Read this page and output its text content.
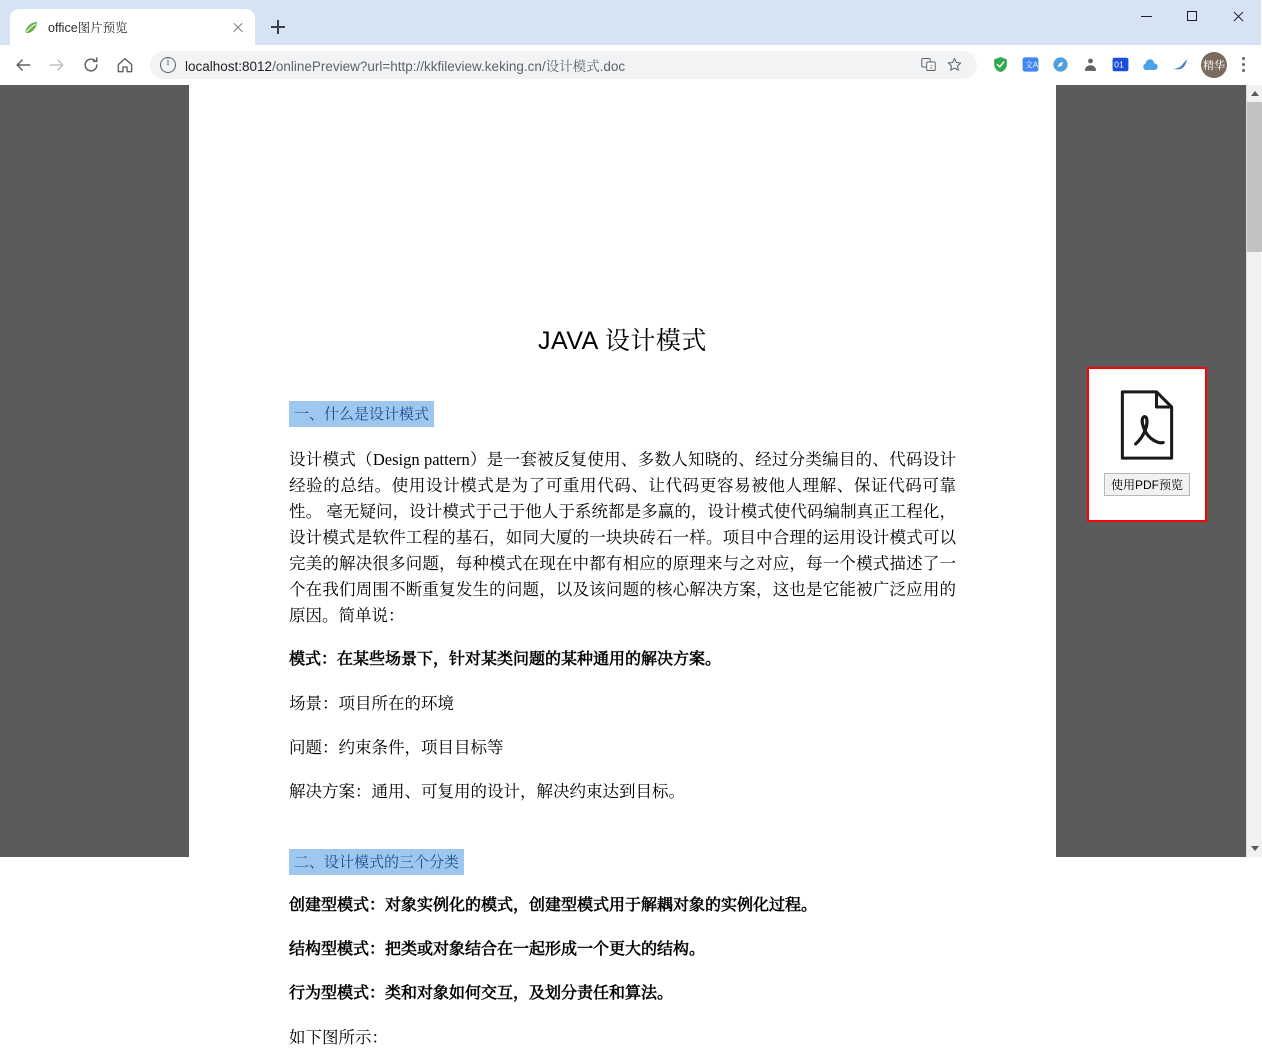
office图片预览
i
localhost:8012/onlinePreview?url=http://kkfileview.keking.cn/设计模式.doc	文	文A	01	精华
JAVA 设计模式
一、什么是设计模式

设计模式（Design pattern）是一套被反复使用、多数人知晓的、经过分类编目的、代码设计经验的总结。使用设计模式是为了可重用代码、让代码更容易被他人理解、保证代码可靠性。 毫无疑问，设计模式于己于他人于系统都是多赢的，设计模式使代码编制真正工程化，设计模式是软件工程的基石，如同大厦的一块块砖石一样。项目中合理的运用设计模式可以完美的解决很多问题，每种模式在现在中都有相应的原理来与之对应，每一个模式描述了一个在我们周围不断重复发生的问题，以及该问题的核心解决方案，这也是它能被广泛应用的原因。简单说：

模式：在某些场景下，针对某类问题的某种通用的解决方案。

场景：项目所在的环境

问题：约束条件，项目目标等

解决方案：通用、可复用的设计，解决约束达到目标。

二、设计模式的三个分类

创建型模式：对象实例化的模式，创建型模式用于解耦对象的实例化过程。

结构型模式：把类或对象结合在一起形成一个更大的结构。

行为型模式：类和对象如何交互，及划分责任和算法。

如下图所示：

使用PDF预览
